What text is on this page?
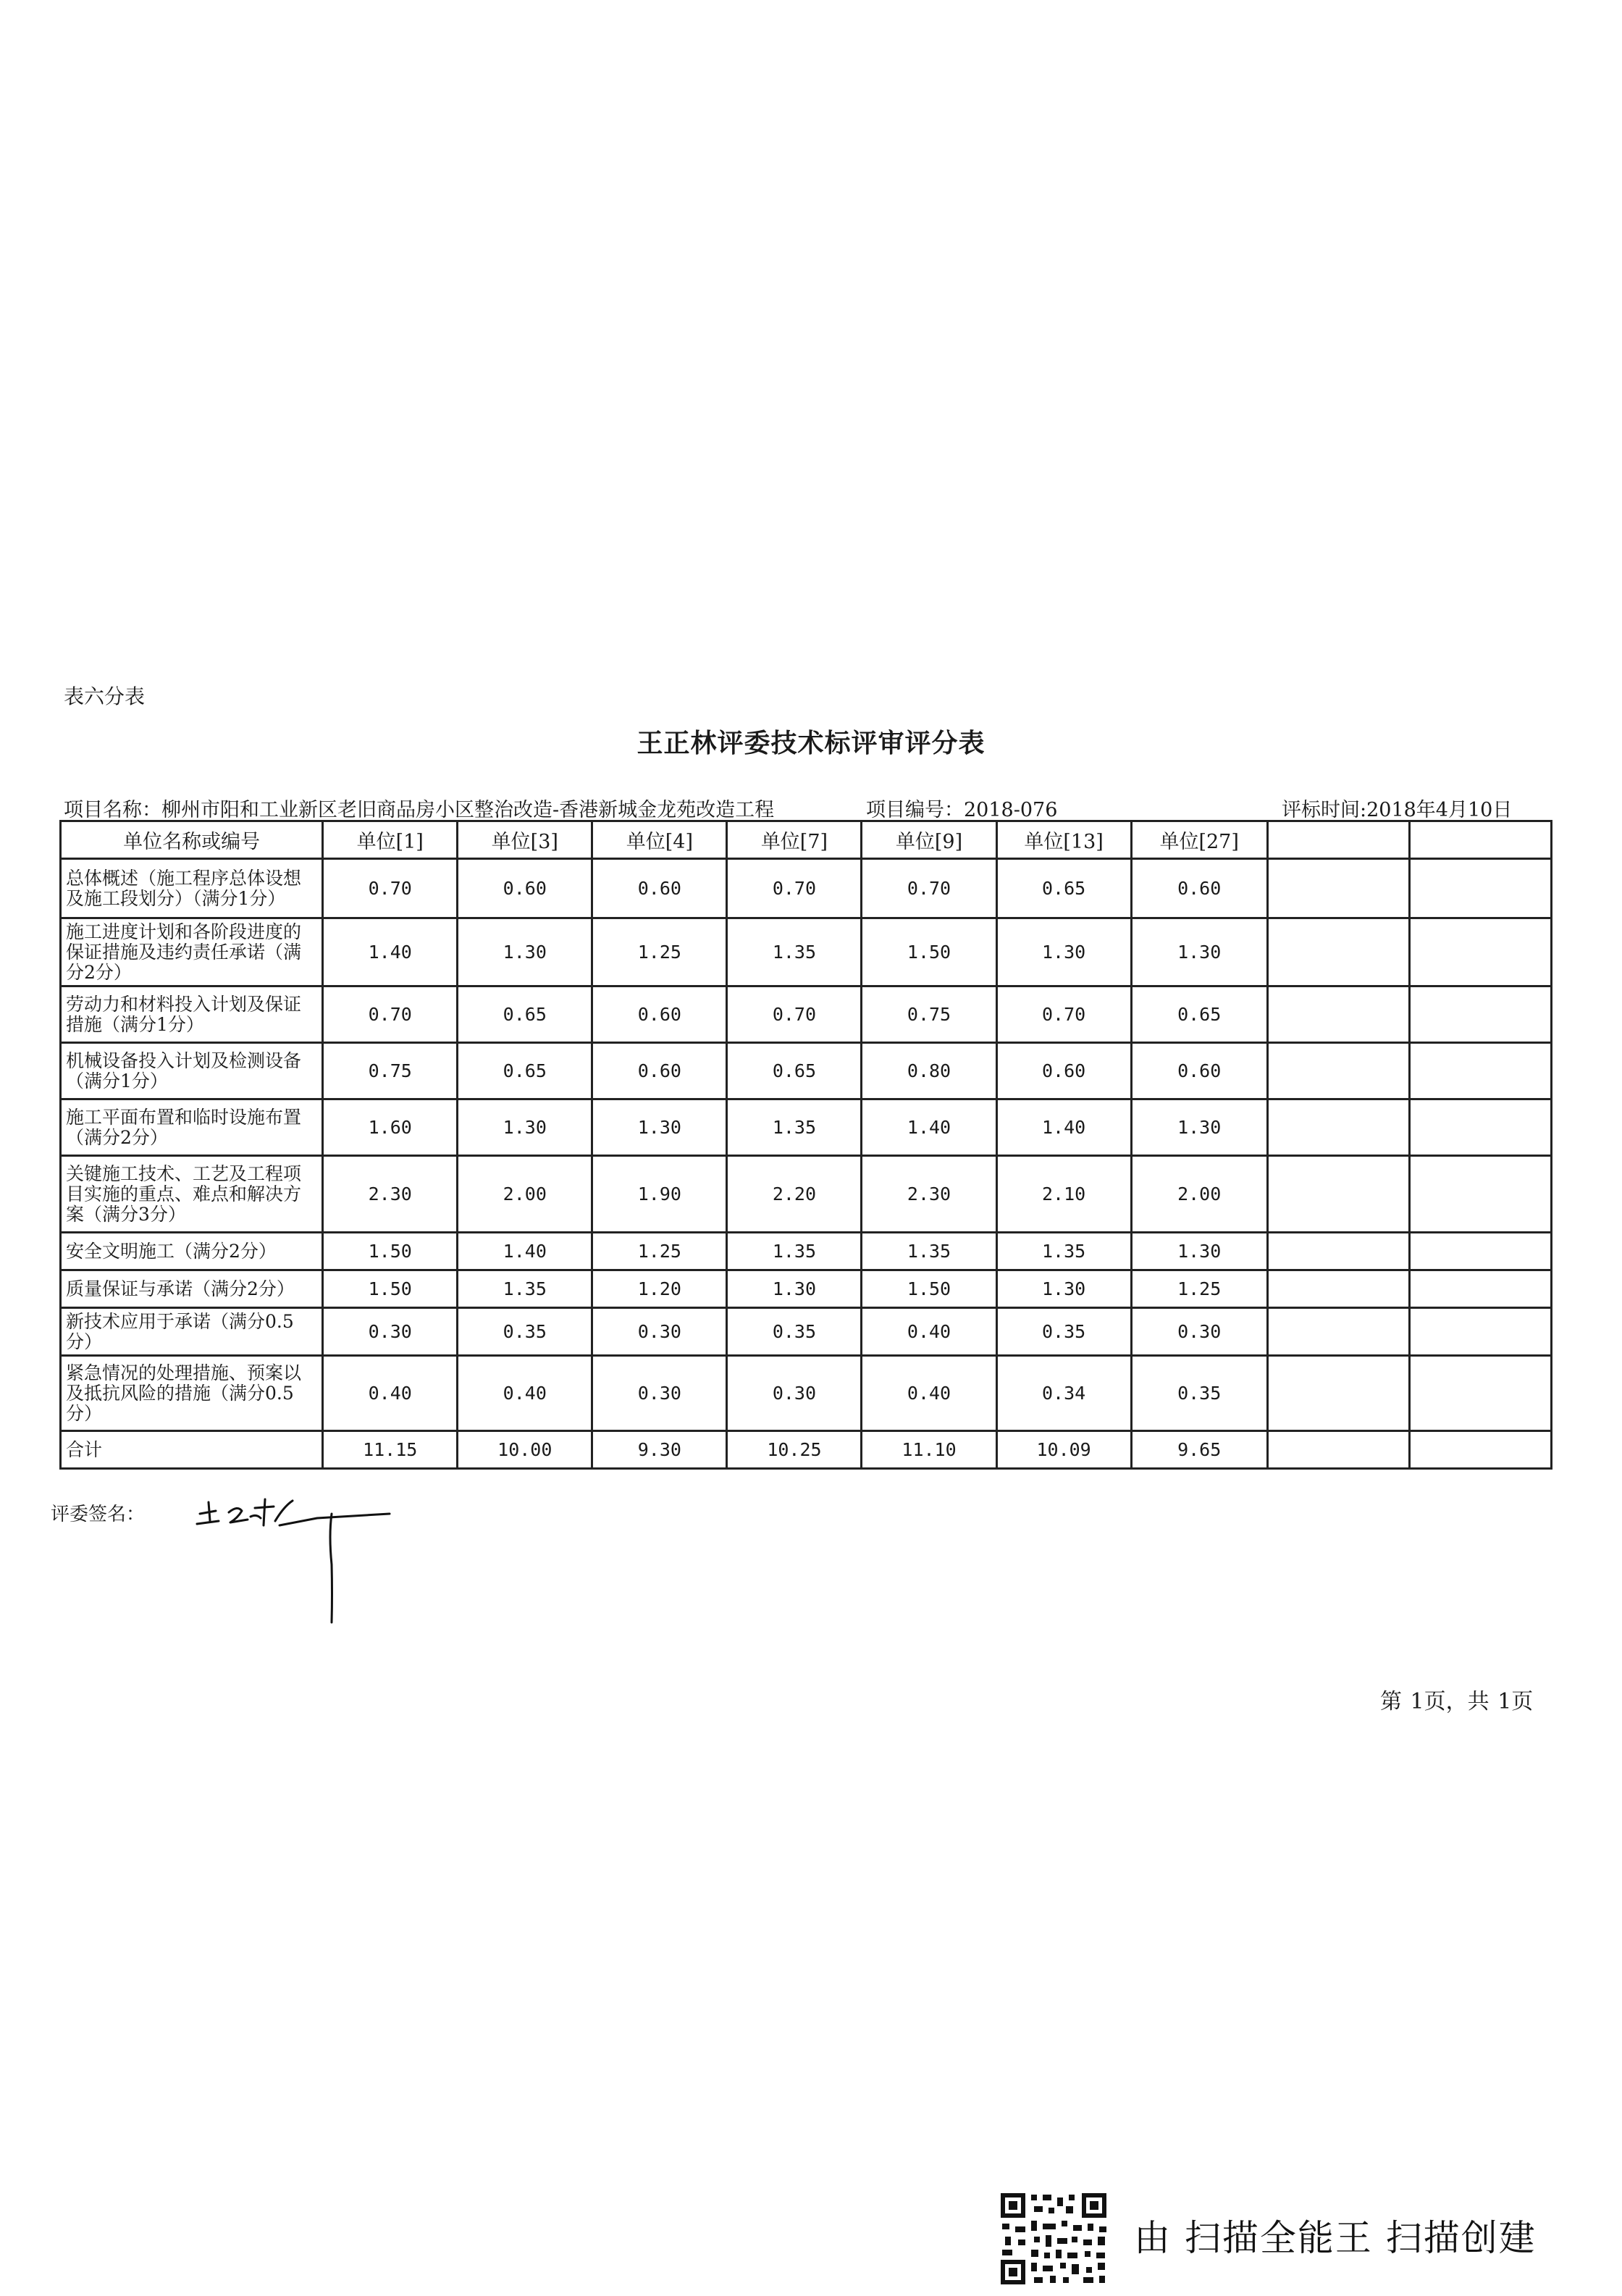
表六分表
王正林评委技术标评审评分表
项目名称：柳州市阳和工业新区老旧商品房小区整治改造-香港新城金龙苑改造工程	项目编号：2018-076	评标时间:2018年4月10日
单位名称或编号	单位[1]	单位[3]	单位[4]	单位[7]	单位[9]	单位[13]	单位[27]		
总体概述（施工程序总体设想及施工段划分）（满分1分）	0.70	0.60	0.60	0.70	0.70	0.65	0.60		
施工进度计划和各阶段进度的保证措施及违约责任承诺（满分2分）	1.40	1.30	1.25	1.35	1.50	1.30	1.30		
劳动力和材料投入计划及保证措施（满分1分）	0.70	0.65	0.60	0.70	0.75	0.70	0.65		
机械设备投入计划及检测设备（满分1分）	0.75	0.65	0.60	0.65	0.80	0.60	0.60		
施工平面布置和临时设施布置（满分2分）	1.60	1.30	1.30	1.35	1.40	1.40	1.30		
关键施工技术、工艺及工程项目实施的重点、难点和解决方案（满分3分）	2.30	2.00	1.90	2.20	2.30	2.10	2.00		
安全文明施工（满分2分）	1.50	1.40	1.25	1.35	1.35	1.35	1.30		
质量保证与承诺（满分2分）	1.50	1.35	1.20	1.30	1.50	1.30	1.25		
新技术应用于承诺（满分0.5分）	0.30	0.35	0.30	0.35	0.40	0.35	0.30		
紧急情况的处理措施、预案以及抵抗风险的措施（满分0.5分）	0.40	0.40	0.30	0.30	0.40	0.34	0.35		
合计	11.15	10.00	9.30	10.25	11.10	10.09	9.65		
评委签名：
第 1页，共 1页
由 扫描全能王 扫描创建
